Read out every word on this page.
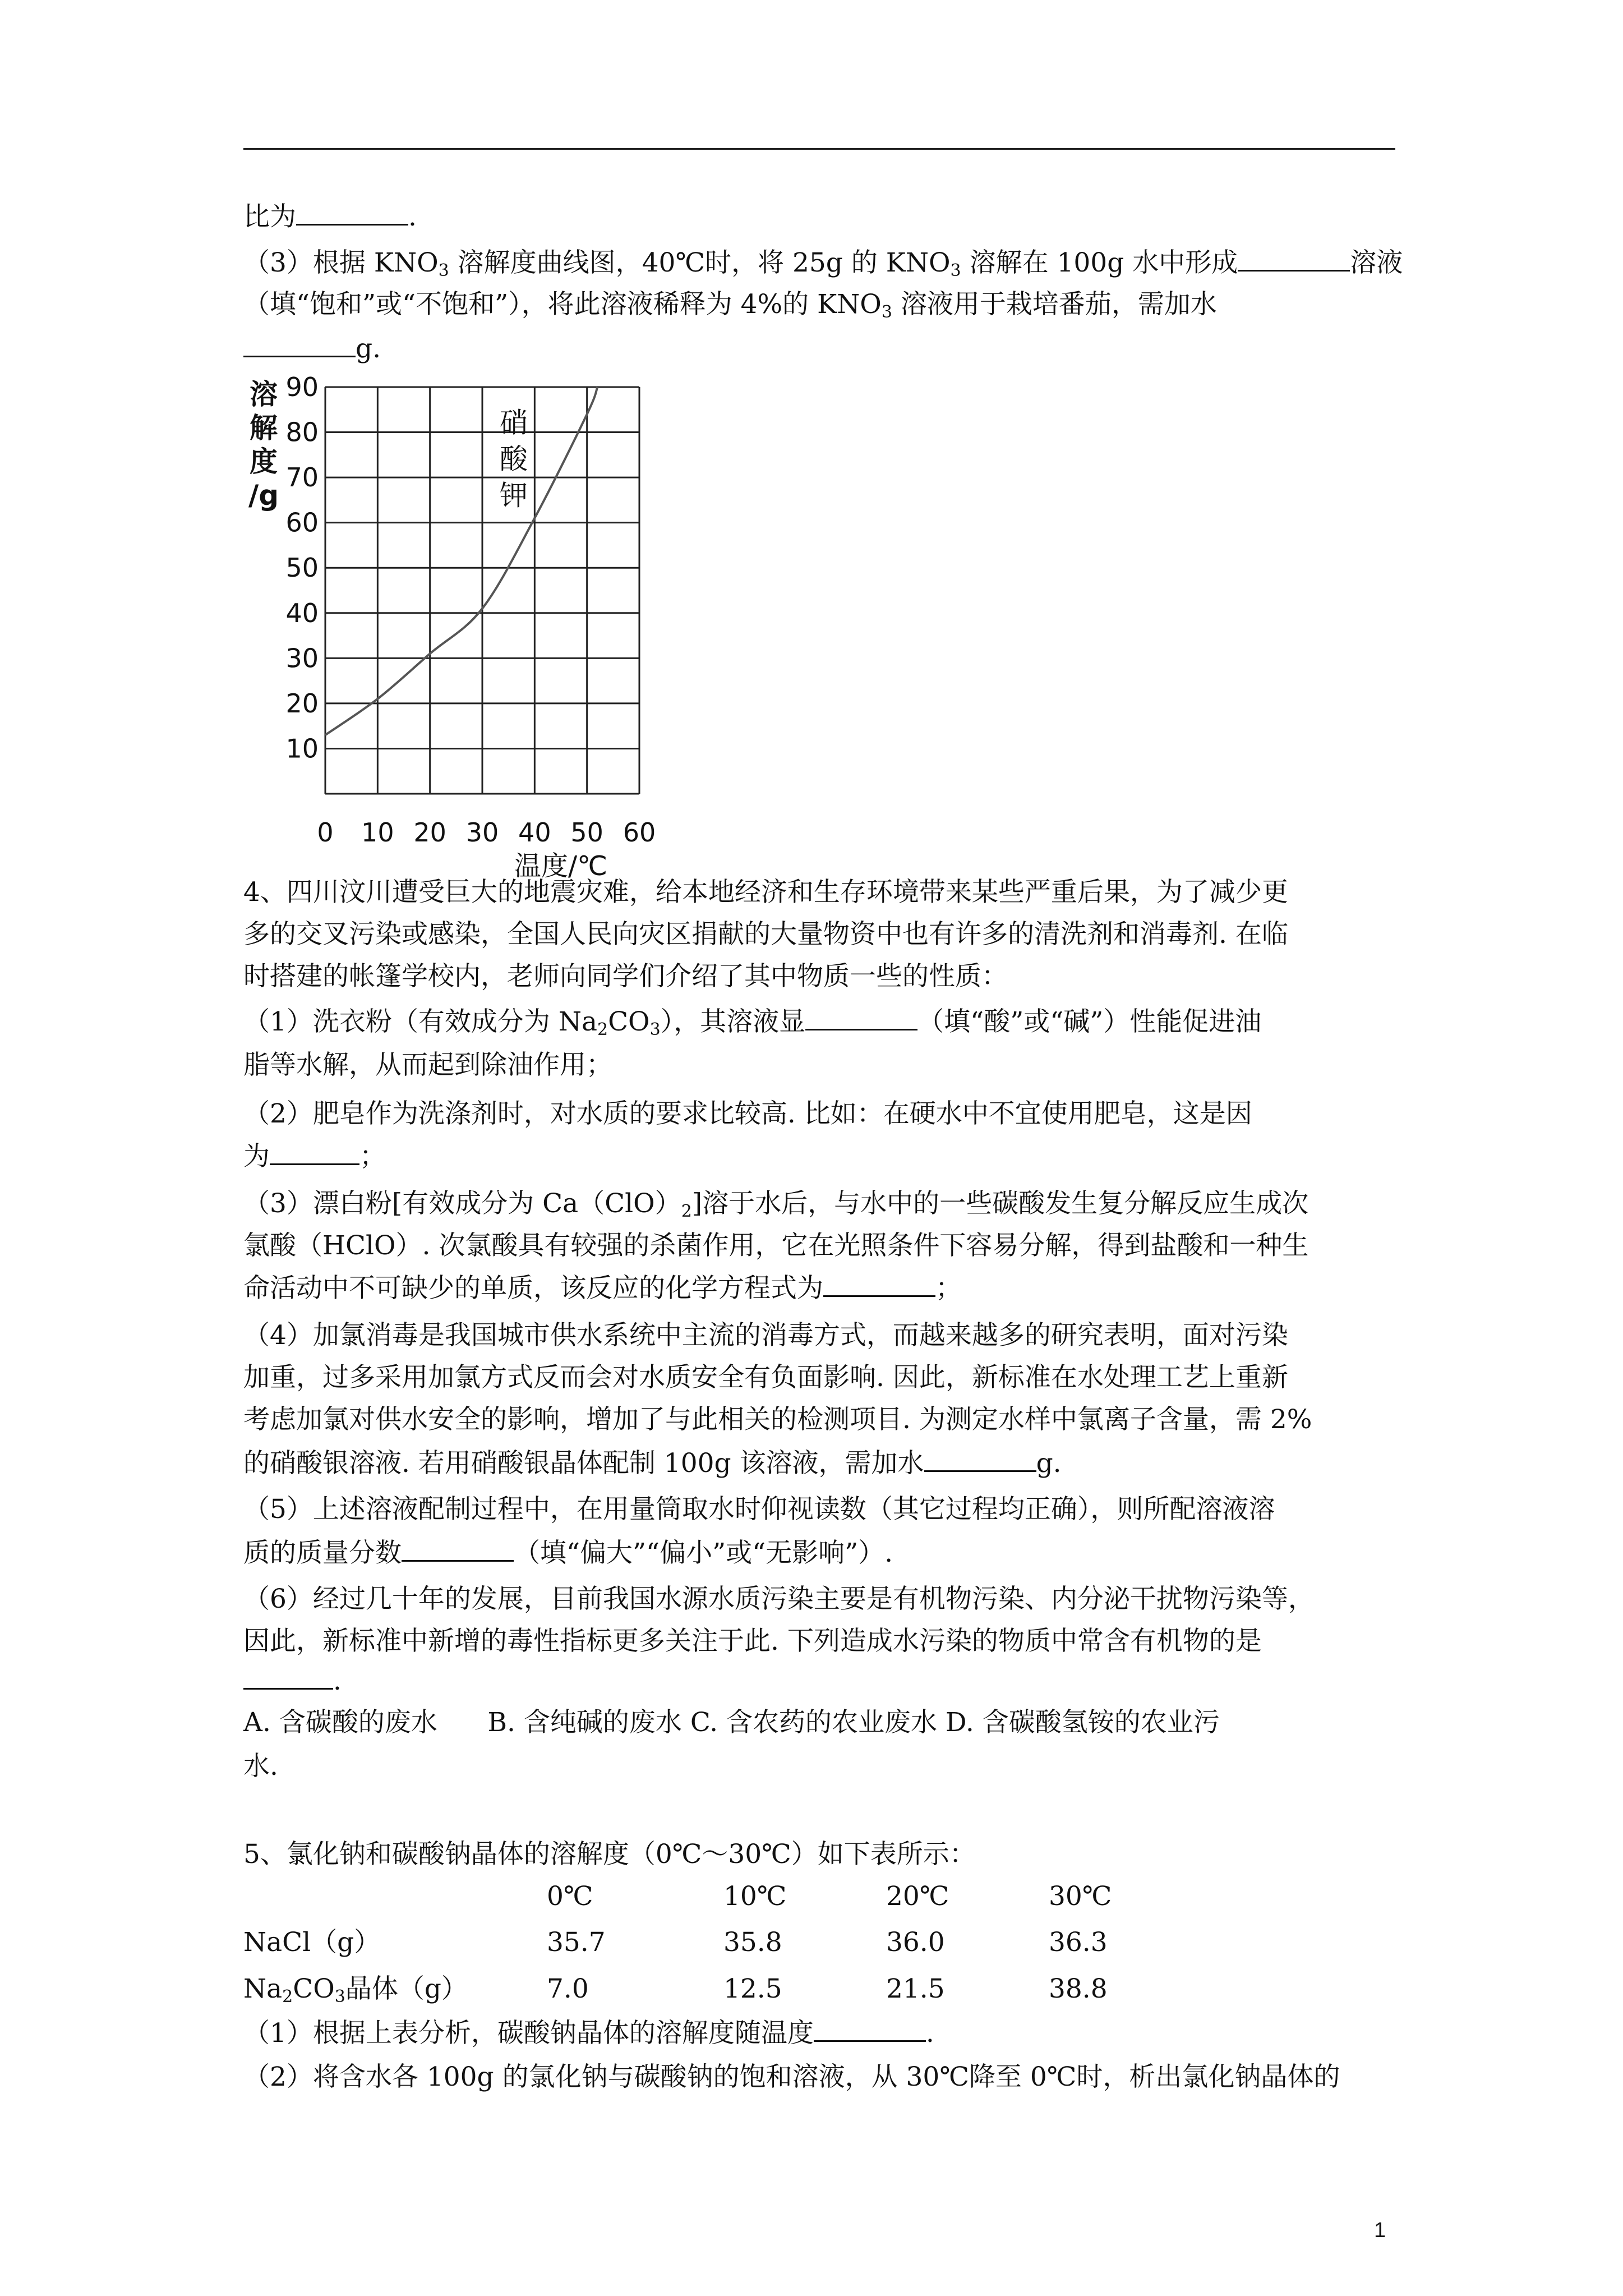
比为	.
（3）根据 $KNO_3$ 溶解度曲线图，40℃时，将 25g 的 $KNO_3$ 溶解在 100g 水中形成	溶液
（填“饱和”或“不饱和”），将此溶液稀释为 4%的 $KNO_3$ 溶液用于栽培番茄，需加水
g.
10
20
30
40
50
60
70
80
90
0 10 20 30 40 50 60
溶
解
度
/g
硝
酸
钾
温度/℃
4、四川汶川遭受巨大的地震灾难，给本地经济和生存环境带来某些严重后果，为了减少更
多的交叉污染或感染，全国人民向灾区捐献的大量物资中也有许多的清洗剂和消毒剂. 在临
时搭建的帐篷学校内，老师向同学们介绍了其中物质一些的性质：
（1）洗衣粉（有效成分为 $Na_2CO_3$），其溶液显	（填“酸”或“碱”）性能促进油
脂等水解，从而起到除油作用；
（2）肥皂作为洗涤剂时，对水质的要求比较高. 比如：在硬水中不宜使用肥皂，这是因
为	；
（3）漂白粉[有效成分为 $Ca(ClO)_2$]溶于水后，与水中的一些碳酸发生复分解反应生成次
氯酸（HClO）. 次氯酸具有较强的杀菌作用，它在光照条件下容易分解，得到盐酸和一种生
命活动中不可缺少的单质，该反应的化学方程式为	；
（4）加氯消毒是我国城市供水系统中主流的消毒方式，而越来越多的研究表明，面对污染
加重，过多采用加氯方式反而会对水质安全有负面影响. 因此，新标准在水处理工艺上重新
考虑加氯对供水安全的影响，增加了与此相关的检测项目. 为测定水样中氯离子含量，需 2%
的硝酸银溶液. 若用硝酸银晶体配制 100g 该溶液，需加水	g.
（5）上述溶液配制过程中，在用量筒取水时仰视读数（其它过程均正确），则所配溶液溶
质的质量分数	（填“偏大”“偏小”或“无影响”）.
（6）经过几十年的发展，目前我国水源水质污染主要是有机物污染、内分泌干扰物污染等，
因此，新标准中新增的毒性指标更多关注于此. 下列造成水污染的物质中常含有机物的是
.
A. 含碳酸的废水      B. 含纯碱的废水 C. 含农药的农业废水 D. 含碳酸氢铵的农业污
水.
5、氯化钠和碳酸钠晶体的溶解度（0℃～30℃）如下表所示：
0℃	10℃	20℃	30℃
NaCl（g）	35.7	35.8	36.0	36.3
$Na_2CO_3$晶体（g）	7.0	12.5	21.5	38.8
（1）根据上表分析，碳酸钠晶体的溶解度随温度	.
（2）将含水各 100g 的氯化钠与碳酸钠的饱和溶液，从 30℃降至 0℃时，析出氯化钠晶体的
1
